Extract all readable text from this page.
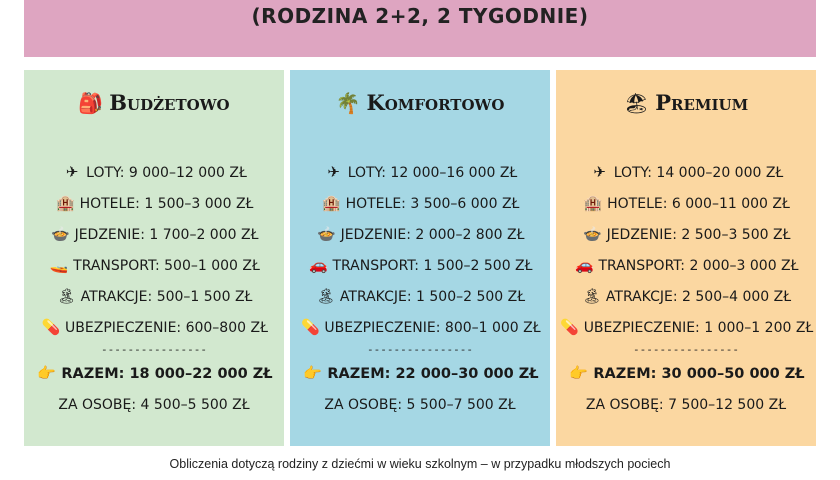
(RODZINA 2+2, 2 TYGODNIE)
🎒 Budżetowo
✈ LOTY: 9 000–12 000 ZŁ
🏨 HOTELE: 1 500–3 000 ZŁ
🍲 JEDZENIE: 1 700–2 000 ZŁ
🚤 TRANSPORT: 500–1 000 ZŁ
🏝 ATRAKCJE: 500–1 500 ZŁ
💊 UBEZPIECZENIE: 600–800 ZŁ
----------------
👉 RAZEM: 18 000–22 000 ZŁ
ZA OSOBĘ: 4 500–5 500 ZŁ
🌴 Komfortowo
✈ LOTY: 12 000–16 000 ZŁ
🏨 HOTELE: 3 500–6 000 ZŁ
🍲 JEDZENIE: 2 000–2 800 ZŁ
🚗 TRANSPORT: 1 500–2 500 ZŁ
🏝 ATRAKCJE: 1 500–2 500 ZŁ
💊 UBEZPIECZENIE: 800–1 000 ZŁ
----------------
👉 RAZEM: 22 000–30 000 ZŁ
ZA OSOBĘ: 5 500–7 500 ZŁ
🏖 Premium
✈ LOTY: 14 000–20 000 ZŁ
🏨 HOTELE: 6 000–11 000 ZŁ
🍲 JEDZENIE: 2 500–3 500 ZŁ
🚗 TRANSPORT: 2 000–3 000 ZŁ
🏝 ATRAKCJE: 2 500–4 000 ZŁ
💊 UBEZPIECZENIE: 1 000–1 200 ZŁ
----------------
👉 RAZEM: 30 000–50 000 ZŁ
ZA OSOBĘ: 7 500–12 500 ZŁ
Obliczenia dotyczą rodziny z dziećmi w wieku szkolnym – w przypadku młodszych pociech
